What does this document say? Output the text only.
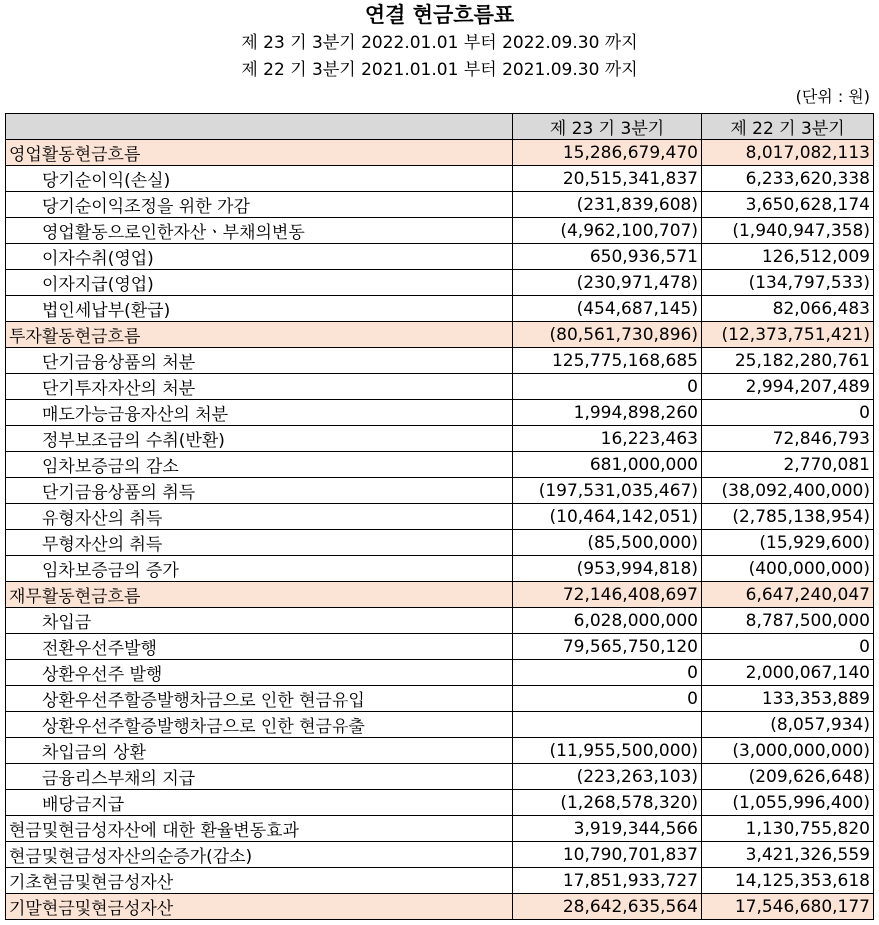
연결 현금흐름표
제 23 기 3분기 2022.01.01 부터 2022.09.30 까지
제 22 기 3분기 2021.01.01 부터 2021.09.30 까지
(단위 : 원)
	제 23 기 3분기	제 22 기 3분기
영업활동현금흐름	15,286,679,470	8,017,082,113
당기순이익(손실)	20,515,341,837	6,233,620,338
당기순이익조정을 위한 가감	(231,839,608)	3,650,628,174
영업활동으로인한자산ㆍ부채의변동	(4,962,100,707)	(1,940,947,358)
이자수취(영업)	650,936,571	126,512,009
이자지급(영업)	(230,971,478)	(134,797,533)
법인세납부(환급)	(454,687,145)	82,066,483
투자활동현금흐름	(80,561,730,896)	(12,373,751,421)
단기금융상품의 처분	125,775,168,685	25,182,280,761
단기투자자산의 처분	0	2,994,207,489
매도가능금융자산의 처분	1,994,898,260	0
정부보조금의 수취(반환)	16,223,463	72,846,793
임차보증금의 감소	681,000,000	2,770,081
단기금융상품의 취득	(197,531,035,467)	(38,092,400,000)
유형자산의 취득	(10,464,142,051)	(2,785,138,954)
무형자산의 취득	(85,500,000)	(15,929,600)
임차보증금의 증가	(953,994,818)	(400,000,000)
재무활동현금흐름	72,146,408,697	6,647,240,047
차입금	6,028,000,000	8,787,500,000
전환우선주발행	79,565,750,120	0
상환우선주 발행	0	2,000,067,140
상환우선주할증발행차금으로 인한 현금유입	0	133,353,889
상환우선주할증발행차금으로 인한 현금유출		(8,057,934)
차입금의 상환	(11,955,500,000)	(3,000,000,000)
금융리스부채의 지급	(223,263,103)	(209,626,648)
배당금지급	(1,268,578,320)	(1,055,996,400)
현금및현금성자산에 대한 환율변동효과	3,919,344,566	1,130,755,820
현금및현금성자산의순증가(감소)	10,790,701,837	3,421,326,559
기초현금및현금성자산	17,851,933,727	14,125,353,618
기말현금및현금성자산	28,642,635,564	17,546,680,177
